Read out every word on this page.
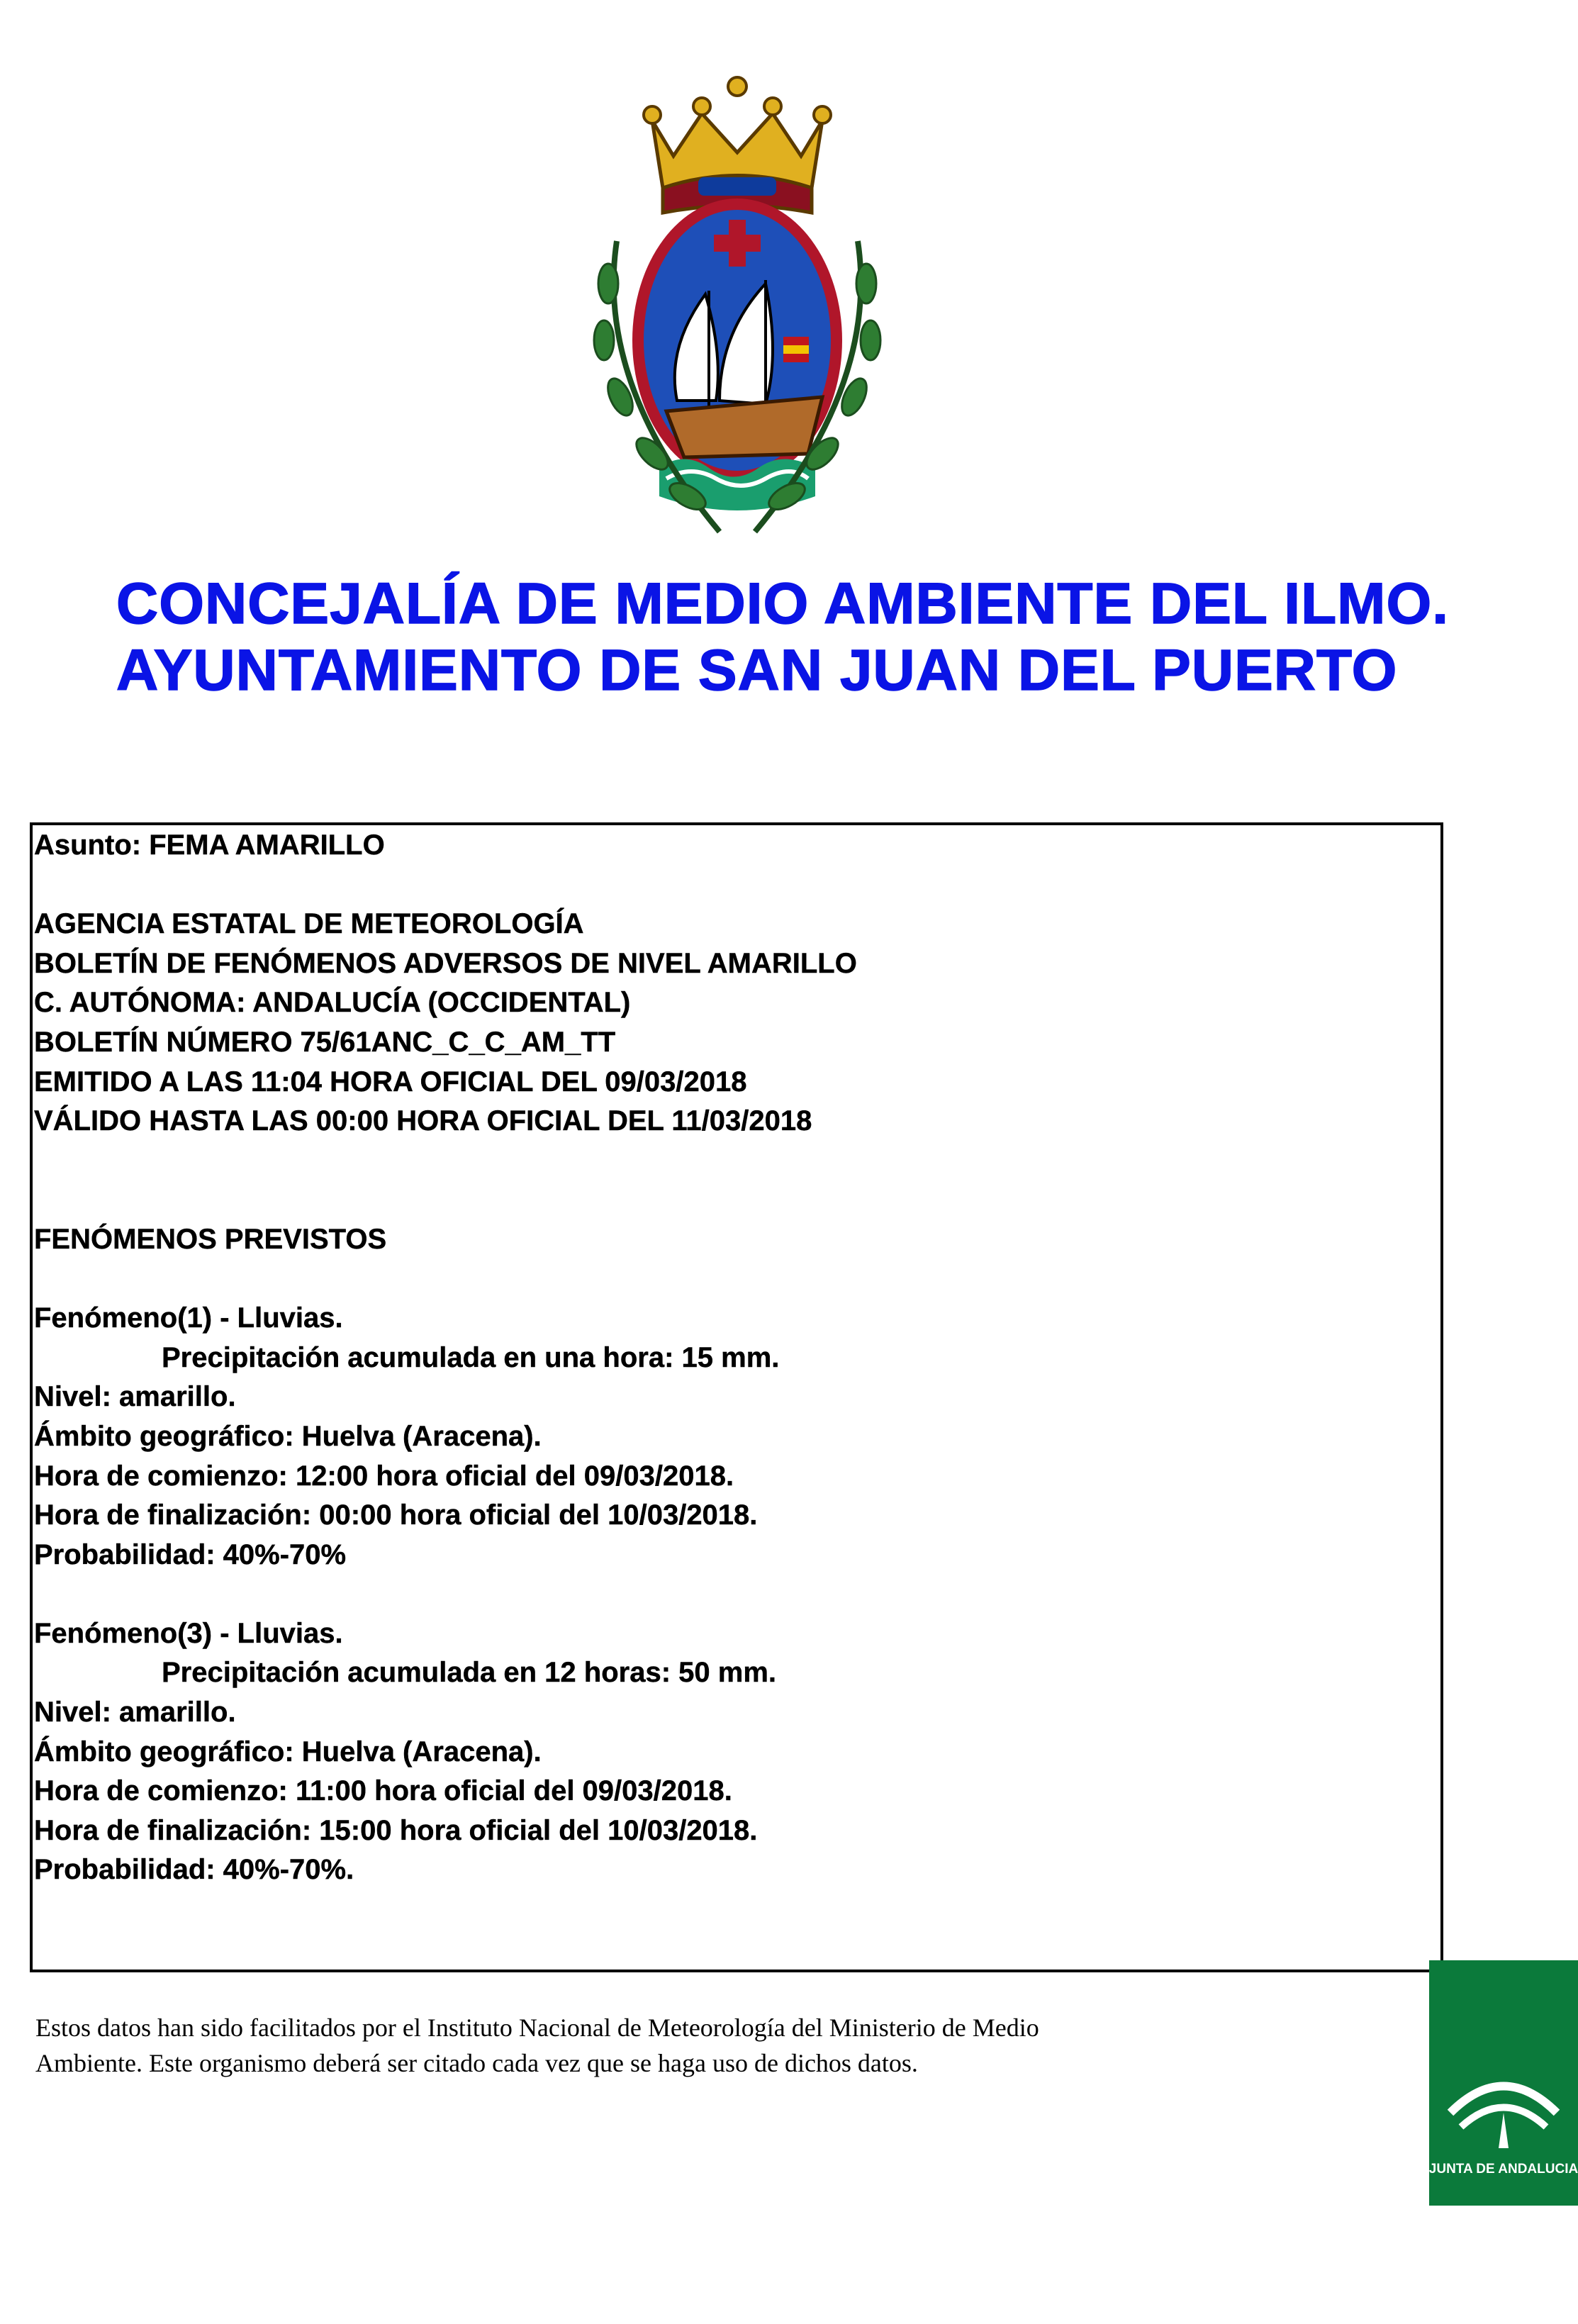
CONCEJALÍA DE MEDIO AMBIENTE DEL ILMO.
AYUNTAMIENTO DE SAN JUAN DEL PUERTO
Asunto: FEMA AMARILLO
AGENCIA ESTATAL DE METEOROLOGÍA
BOLETÍN DE FENÓMENOS ADVERSOS DE NIVEL AMARILLO
C. AUTÓNOMA: ANDALUCÍA (OCCIDENTAL)
BOLETÍN NÚMERO 75/61ANC_C_C_AM_TT
EMITIDO A LAS 11:04 HORA OFICIAL DEL 09/03/2018
VÁLIDO HASTA LAS 00:00 HORA OFICIAL DEL 11/03/2018
FENÓMENOS PREVISTOS
Fenómeno(1) - Lluvias.
Precipitación acumulada en una hora: 15 mm.
Nivel: amarillo.
Ámbito geográfico: Huelva (Aracena).
Hora de comienzo: 12:00 hora oficial del 09/03/2018.
Hora de finalización: 00:00 hora oficial del 10/03/2018.
Probabilidad: 40%-70%
Fenómeno(3) - Lluvias.
Precipitación acumulada en 12 horas: 50 mm.
Nivel: amarillo.
Ámbito geográfico: Huelva (Aracena).
Hora de comienzo: 11:00 hora oficial del 09/03/2018.
Hora de finalización: 15:00 hora oficial del 10/03/2018.
Probabilidad: 40%-70%.
Estos datos han sido facilitados por el Instituto Nacional de Meteorología del Ministerio de Medio
Ambiente. Este organismo deberá ser citado cada vez que se haga uso de dichos datos.
JUNTA DE ANDALUCIA
